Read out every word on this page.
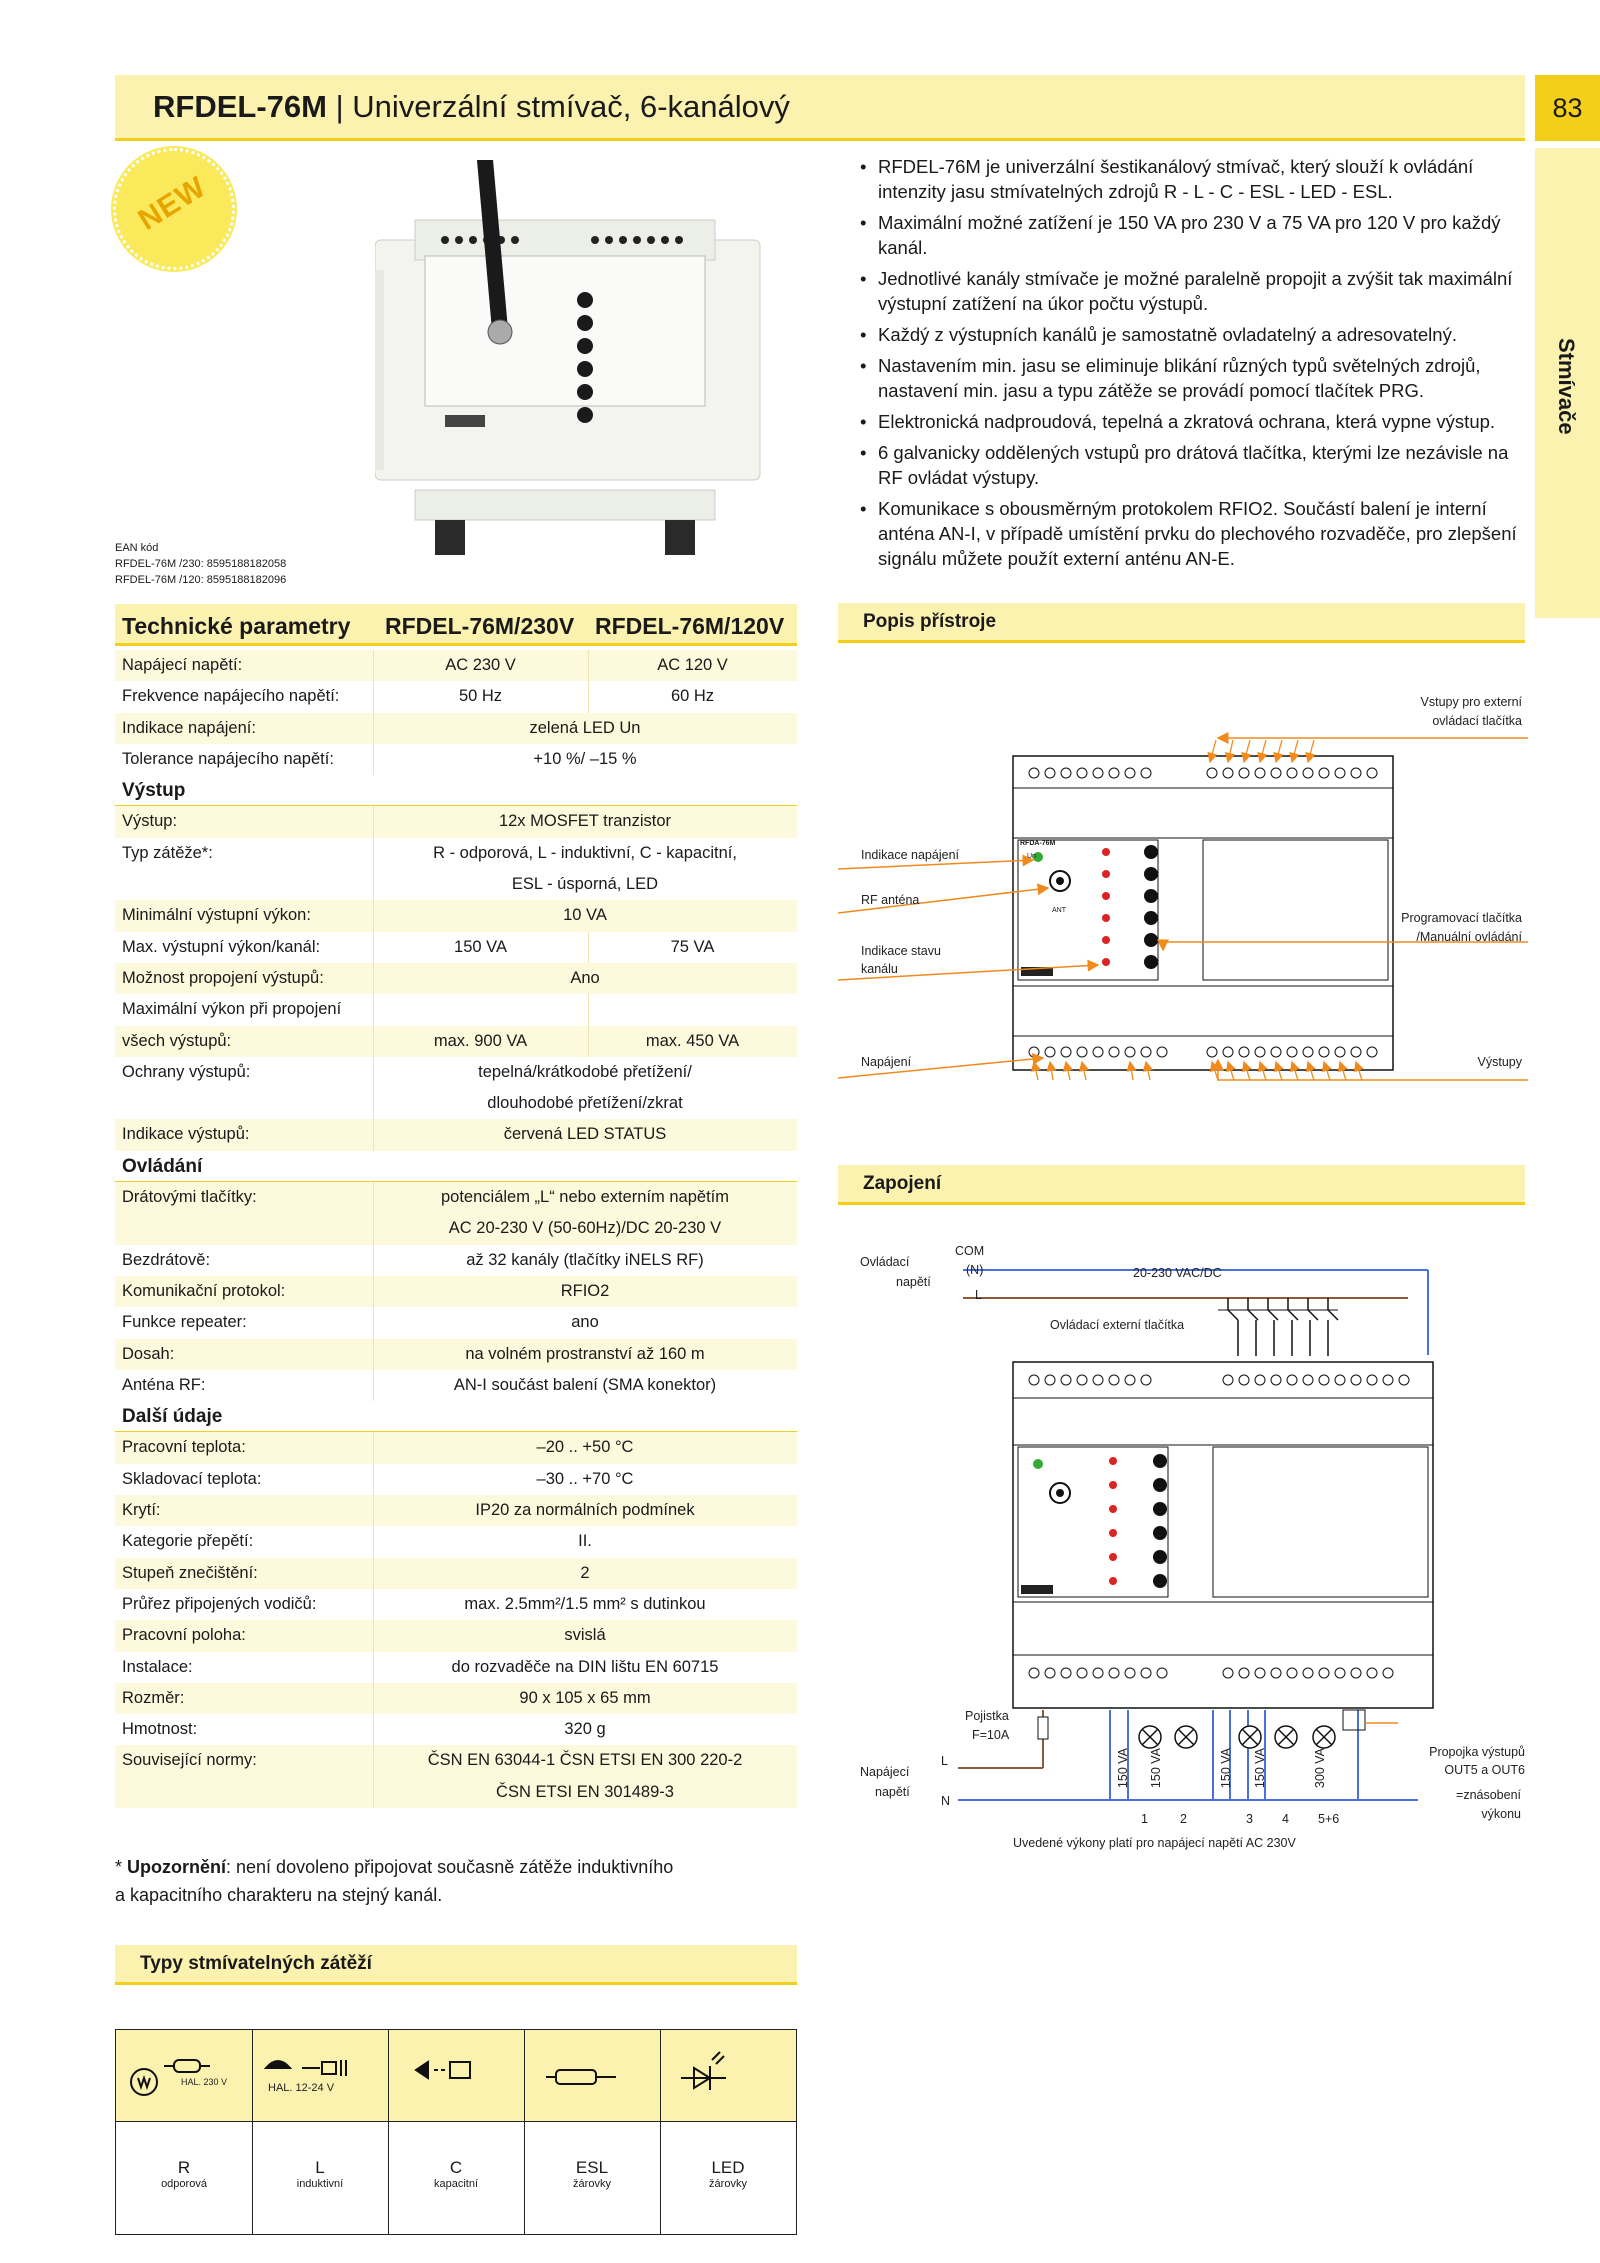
RFDEL-76M | Univerzální stmívač, 6-kanálový	83
Stmívače
NEW
EAN kód
RFDEL-76M /230: 8595188182058
RFDEL-76M /120: 8595188182096
• RFDEL-76M je univerzální šestikanálový stmívač, který slouží k ovládání intenzity jasu stmívatelných zdrojů R - L - C - ESL - LED - ESL.
• Maximální možné zatížení je 150 VA pro 230 V a 75 VA pro 120 V pro každý kanál.
• Jednotlivé kanály stmívače je možné paralelně propojit a zvýšit tak maximální výstupní zatížení na úkor počtu výstupů.
• Každý z výstupních kanálů je samostatně ovladatelný a adresovatelný.
• Nastavením min. jasu se eliminuje blikání různých typů světelných zdrojů, nastavení min. jasu a typu zátěže se provádí pomocí tlačítek PRG.
• Elektronická nadproudová, tepelná a zkratová ochrana, která vypne výstup.
• 6 galvanicky oddělených vstupů pro drátová tlačítka, kterými lze nezávisle na RF ovládat výstupy.
• Komunikace s obousměrným protokolem RFIO2. Součástí balení je interní anténa AN-I, v případě umístění prvku do plechového rozvaděče, pro zlepšení signálu můžete použít externí anténu AN-E.
Technické parametry RFDEL-76M/230V RFDEL-76M/120V
Napájecí napětí:	AC 230 V	AC 120 V
Frekvence napájecího napětí:	50 Hz	60 Hz
Indikace napájení:	zelená LED Un
Tolerance napájecího napětí:	+10 %/ –15 %
Výstup
Výstup:	12x MOSFET tranzistor
Typ zátěže*:	R - odporová, L - induktivní, C - kapacitní,
ESL - úsporná, LED
Minimální výstupní výkon:	10 VA
Max. výstupní výkon/kanál:	150 VA	75 VA
Možnost propojení výstupů:	Ano
Maximální výkon při propojení
všech výstupů:	max. 900 VA	max. 450 VA
Ochrany výstupů:	tepelná/krátkodobé přetížení/
dlouhodobé přetížení/zkrat
Indikace výstupů:	červená LED STATUS
Ovládání
Drátovými tlačítky:	potenciálem „L“ nebo externím napětím
AC 20-230 V (50-60Hz)/DC 20-230 V
Bezdrátově:	až 32 kanály (tlačítky iNELS RF)
Komunikační protokol:	RFIO2
Funkce repeater:	ano
Dosah:	na volném prostranství až 160 m
Anténa RF:	AN-I součást balení (SMA konektor)
Další údaje
Pracovní teplota:	–20 .. +50 °C
Skladovací teplota:	–30 .. +70 °C
Krytí:	IP20 za normálních podmínek
Kategorie přepětí:	II.
Stupeň znečištění:	2
Průřez připojených vodičů:	max. 2.5mm²/1.5 mm² s dutinkou
Pracovní poloha:	svislá
Instalace:	do rozvaděče na DIN lištu EN 60715
Rozměr:	90 x 105 x 65 mm
Hmotnost:	320 g
Související normy:	ČSN EN 63044-1 ČSN ETSI EN 300 220-2
ČSN ETSI EN 301489-3
* Upozornění: není dovoleno připojovat současně zátěže induktivního
a kapacitního charakteru na stejný kanál.
Typy stmívatelných zátěží
HAL. 230 V	HAL. 12-24 V
R
odporová
L
induktivní
C
kapacitní
ESL
žárovky
LED
žárovky
Popis přístroje
Indikace napájení
RF anténa
Indikace stavu
kanálu
Napájení
Vstupy pro externí
ovládací tlačítka
Programovací tlačítka
/Manuální ovládání
Výstupy
RFDA-76M
Un
ANT
Zapojení
Ovládací
napětí
COM
(N)
L
20-230 VAC/DC
Ovládací externí tlačítka
Pojistka
F=10A
Napájecí
napětí
L
N
Propojka výstupů
OUT5 a OUT6
=znásobení
výkonu
150 VA 150 VA	150 VA 150 VA	300 VA
1	2	3 4 5+6
Uvedené výkony platí pro napájecí napětí AC 230V
